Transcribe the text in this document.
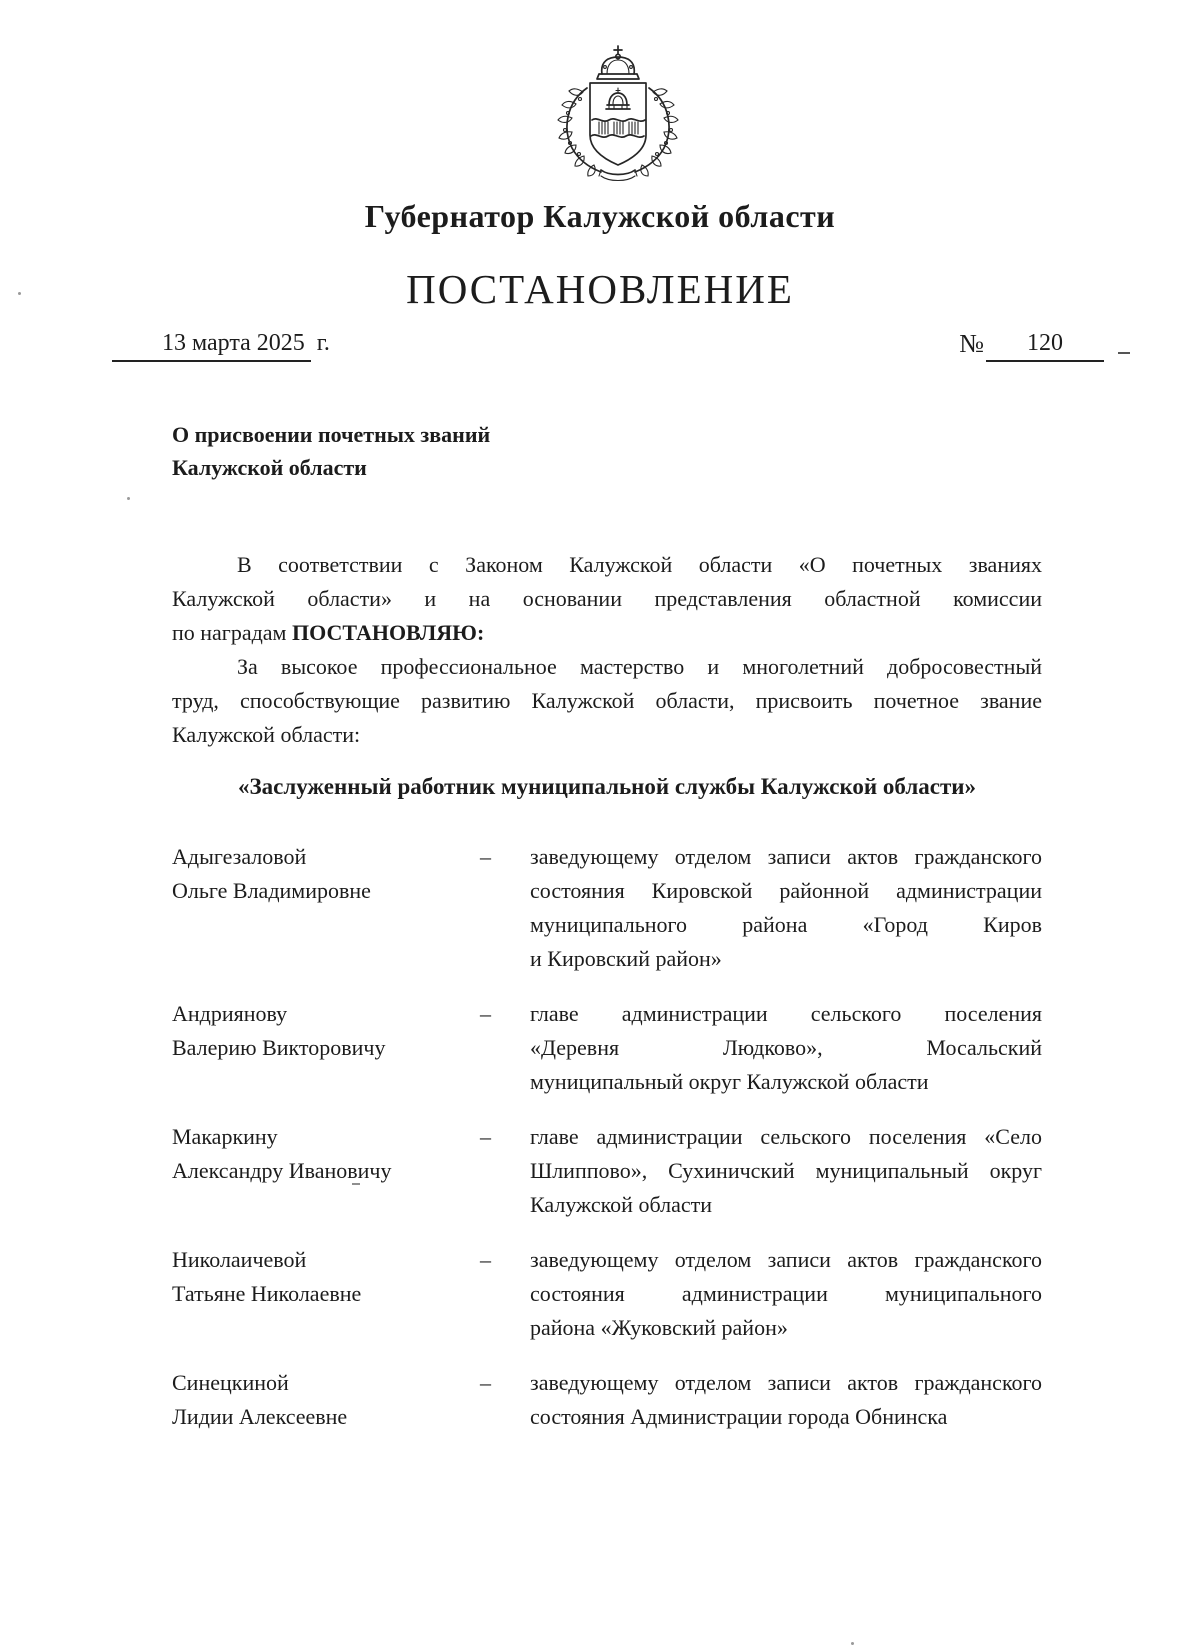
Губернатор Калужской области
ПОСТАНОВЛЕНИЕ
13 марта 2025 г.	№	120
О присвоении почетных званий
Калужской области
В соответствии с Законом Калужской области «О почетных званиях
Калужской области» и на основании представления областной комиссии
по наградам ПОСТАНОВЛЯЮ:
За высокое профессиональное мастерство и многолетний добросовестный
труд, способствующие развитию Калужской области, присвоить почетное звание
Калужской области:
«Заслуженный работник муниципальной службы Калужской области»
Адыгезаловой
Ольге Владимировне
–	заведующему отделом записи актов гражданского
состояния Кировской районной администрации
муниципального района «Город Киров
и Кировский район»
Андриянову
Валерию Викторовичу
–	главе администрации сельского поселения
«Деревня Людково», Мосальский
муниципальный округ Калужской области
Макаркину
Александру Ивановичу
–	главе администрации сельского поселения «Село
Шлиппово», Сухиничский муниципальный округ
Калужской области
Николаичевой
Татьяне Николаевне
–	заведующему отделом записи актов гражданского
состояния администрации муниципального
района «Жуковский район»
Синецкиной
Лидии Алексеевне
–	заведующему отделом записи актов гражданского
состояния Администрации города Обнинска
